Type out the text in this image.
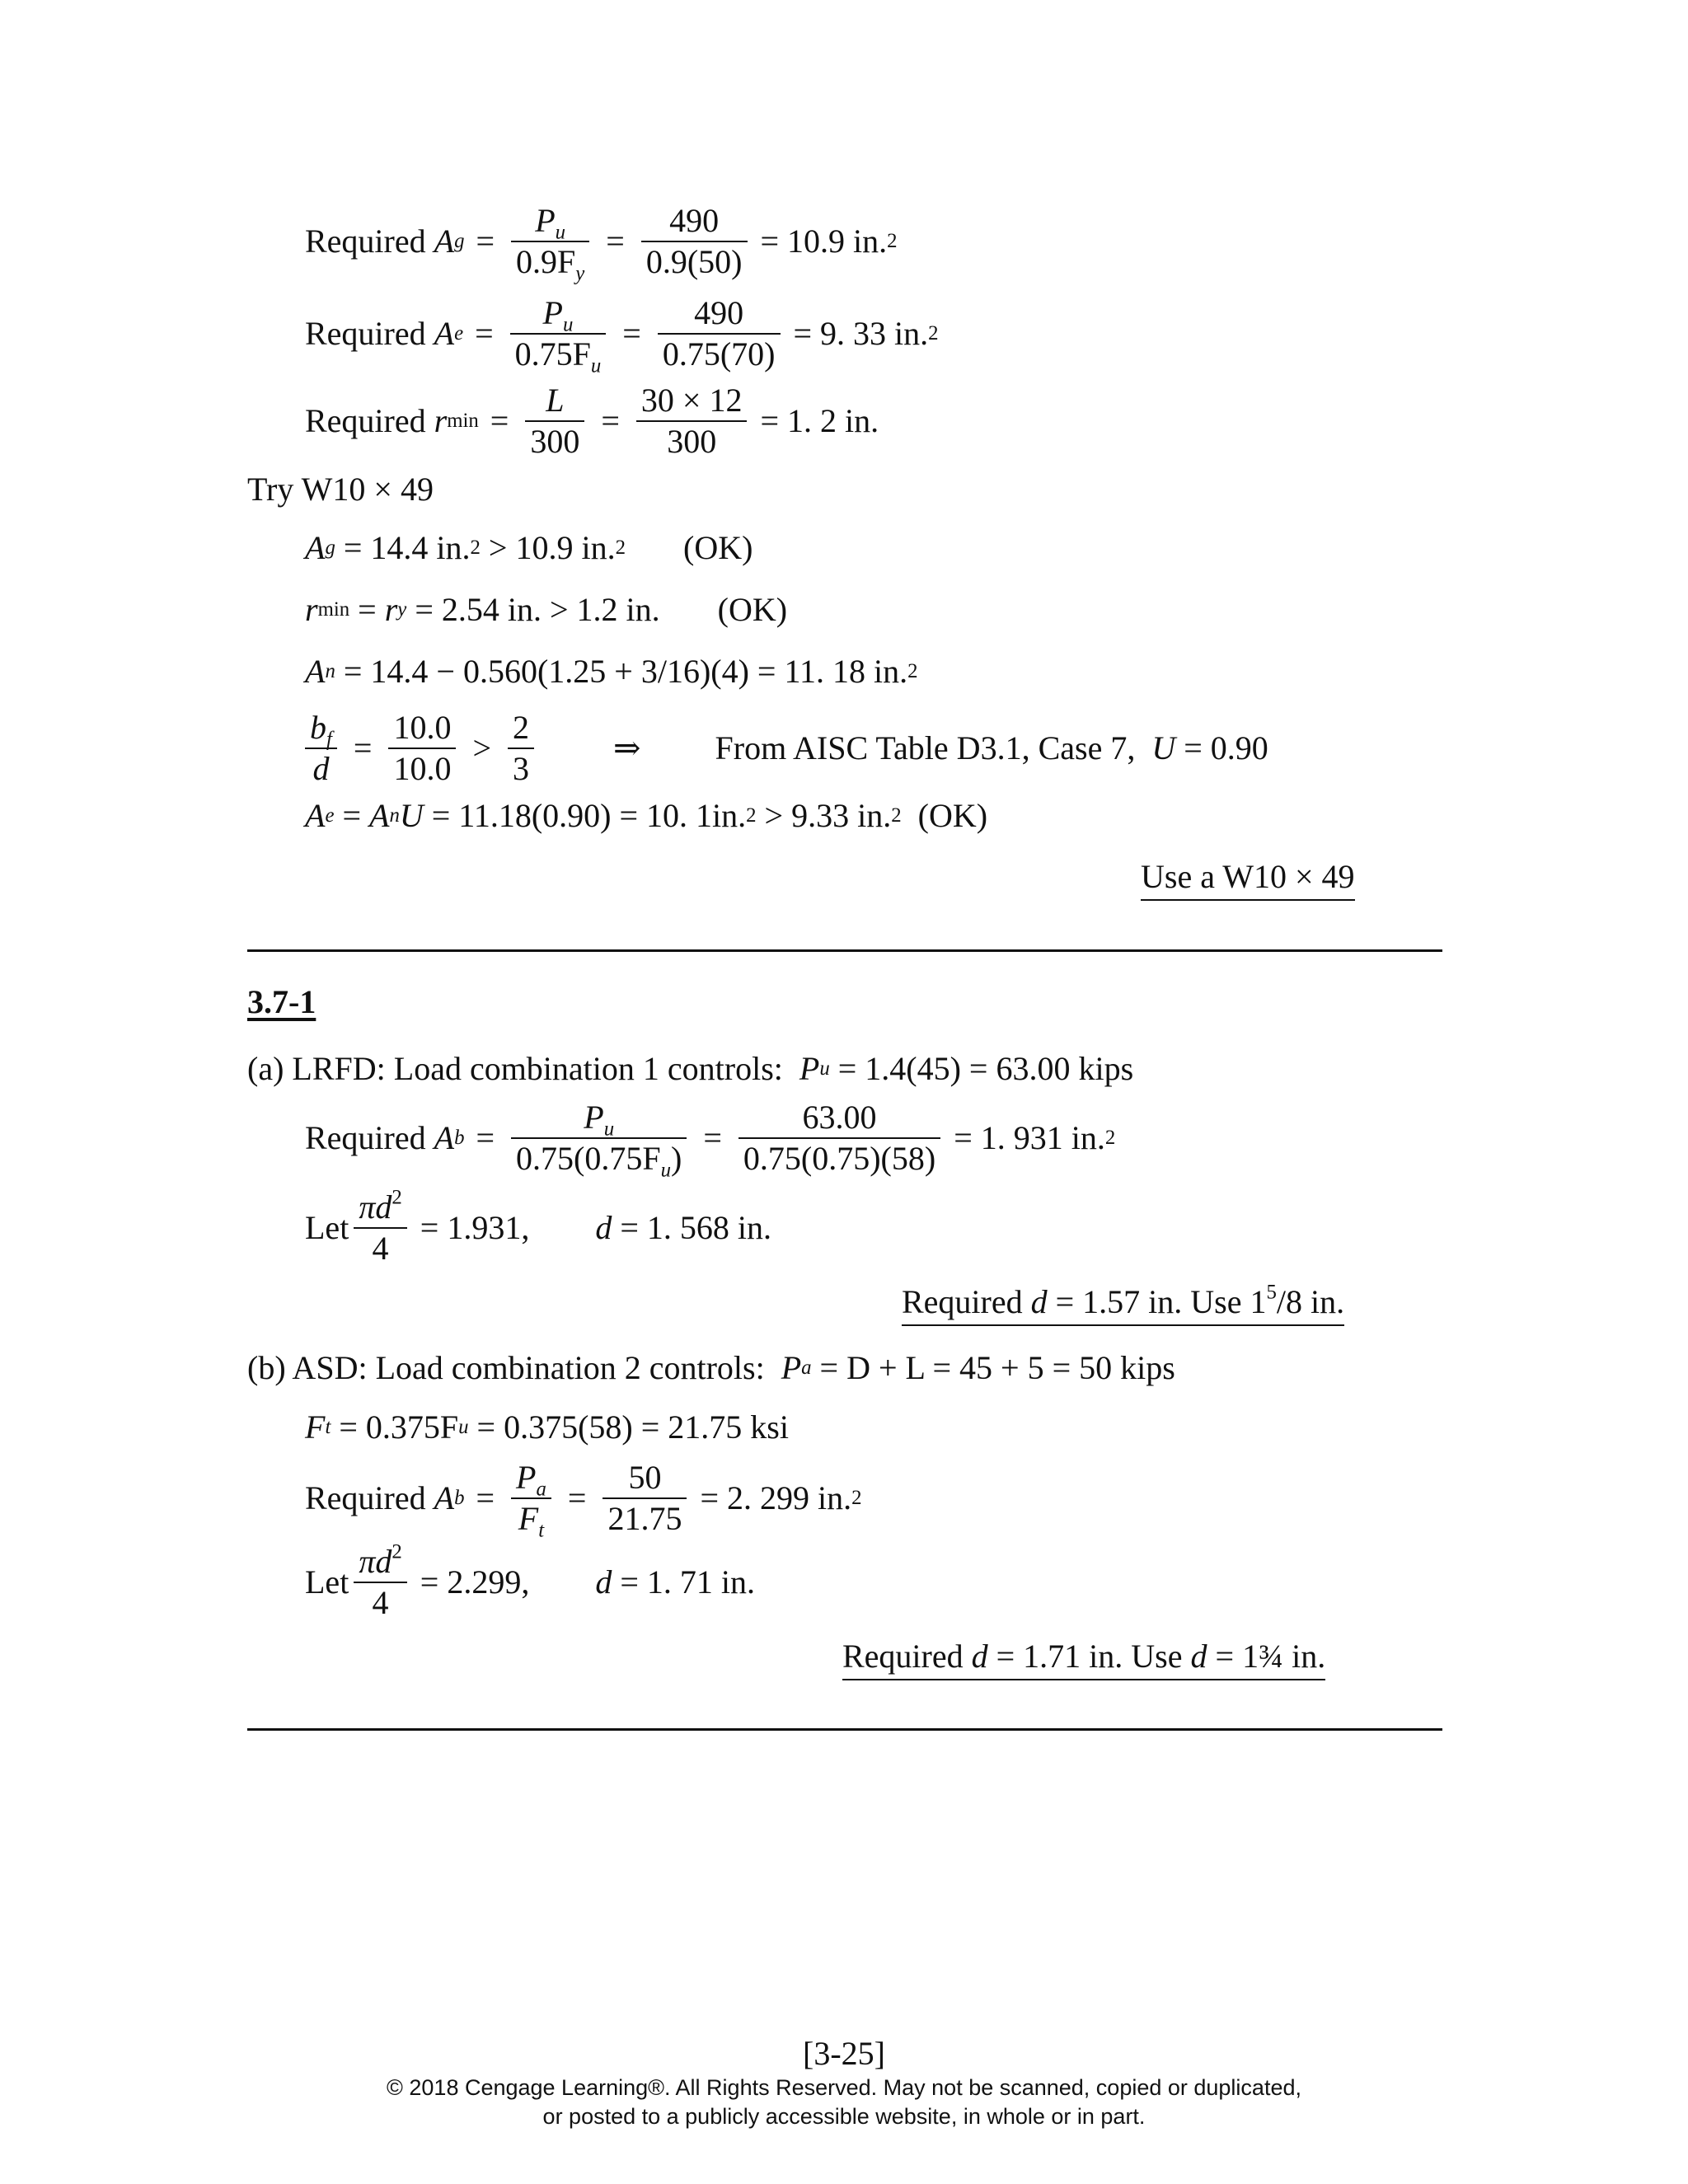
Required
A $g = \frac{P_u}{0.9F_y} = \frac{490}{0.9(50)}$
= 10.9 in. 2
Required
A $e = \frac{P_u}{0.75F_u} = \frac{490}{0.75(70)}$
= 9. 33 in. 2
Required
r $\min = \frac{L}{300} = \frac{30 \times 12}{300}$
= 1. 2 in.
Try W10 × 49
A g
= 14.4 in. 2
> 10.9 in. 2 (OK)
r min
=
r y
= 2.54 in. > 1.2 in. (OK)
A n
= 14.4 − 0.560(1.25 + 3/16)(4) = 11. 18 in. 2
$\frac{b_f}{d} = \frac{10.0}{10.0} > \frac{2}{3}$ ⇒ From AISC Table D3.1, Case 7,
U
= 0.90
A e
=
A n U
= 11.18(0.90) = 10. 1in. 2
> 9.33 in. 2
(OK)
Use a W10 × 49
3.7-1
(a) LRFD: Load combination 1 controls:
P u
= 1.4(45) = 63.00 kips
Required
A $b = \frac{P_u}{0.75(0.75F_u)} = \frac{63.00}{0.75(0.75)(58)}$
= 1. 931 in. 2
Let $\frac{\pi d^2}{4}$
= 1.931, d = 1. 568 in.
Required d = 1.57 in. Use $1^5/8$ in.
(b) ASD: Load combination 2 controls:
P a
= D + L = 45 + 5 = 50 kips
F t
= 0.375F u
= 0.375(58) = 21.75 ksi
Required
A $b = \frac{P_a}{F_t} = \frac{50}{21.75}$
= 2. 299 in. 2
Let $\frac{\pi d^2}{4}$
= 2.299, d = 1. 71 in.
Required d = 1.71 in. Use d = 1¾ in.
[3-25]
© 2018 Cengage Learning®. All Rights Reserved. May not be scanned, copied or duplicated,
or posted to a publicly accessible website, in whole or in part.
